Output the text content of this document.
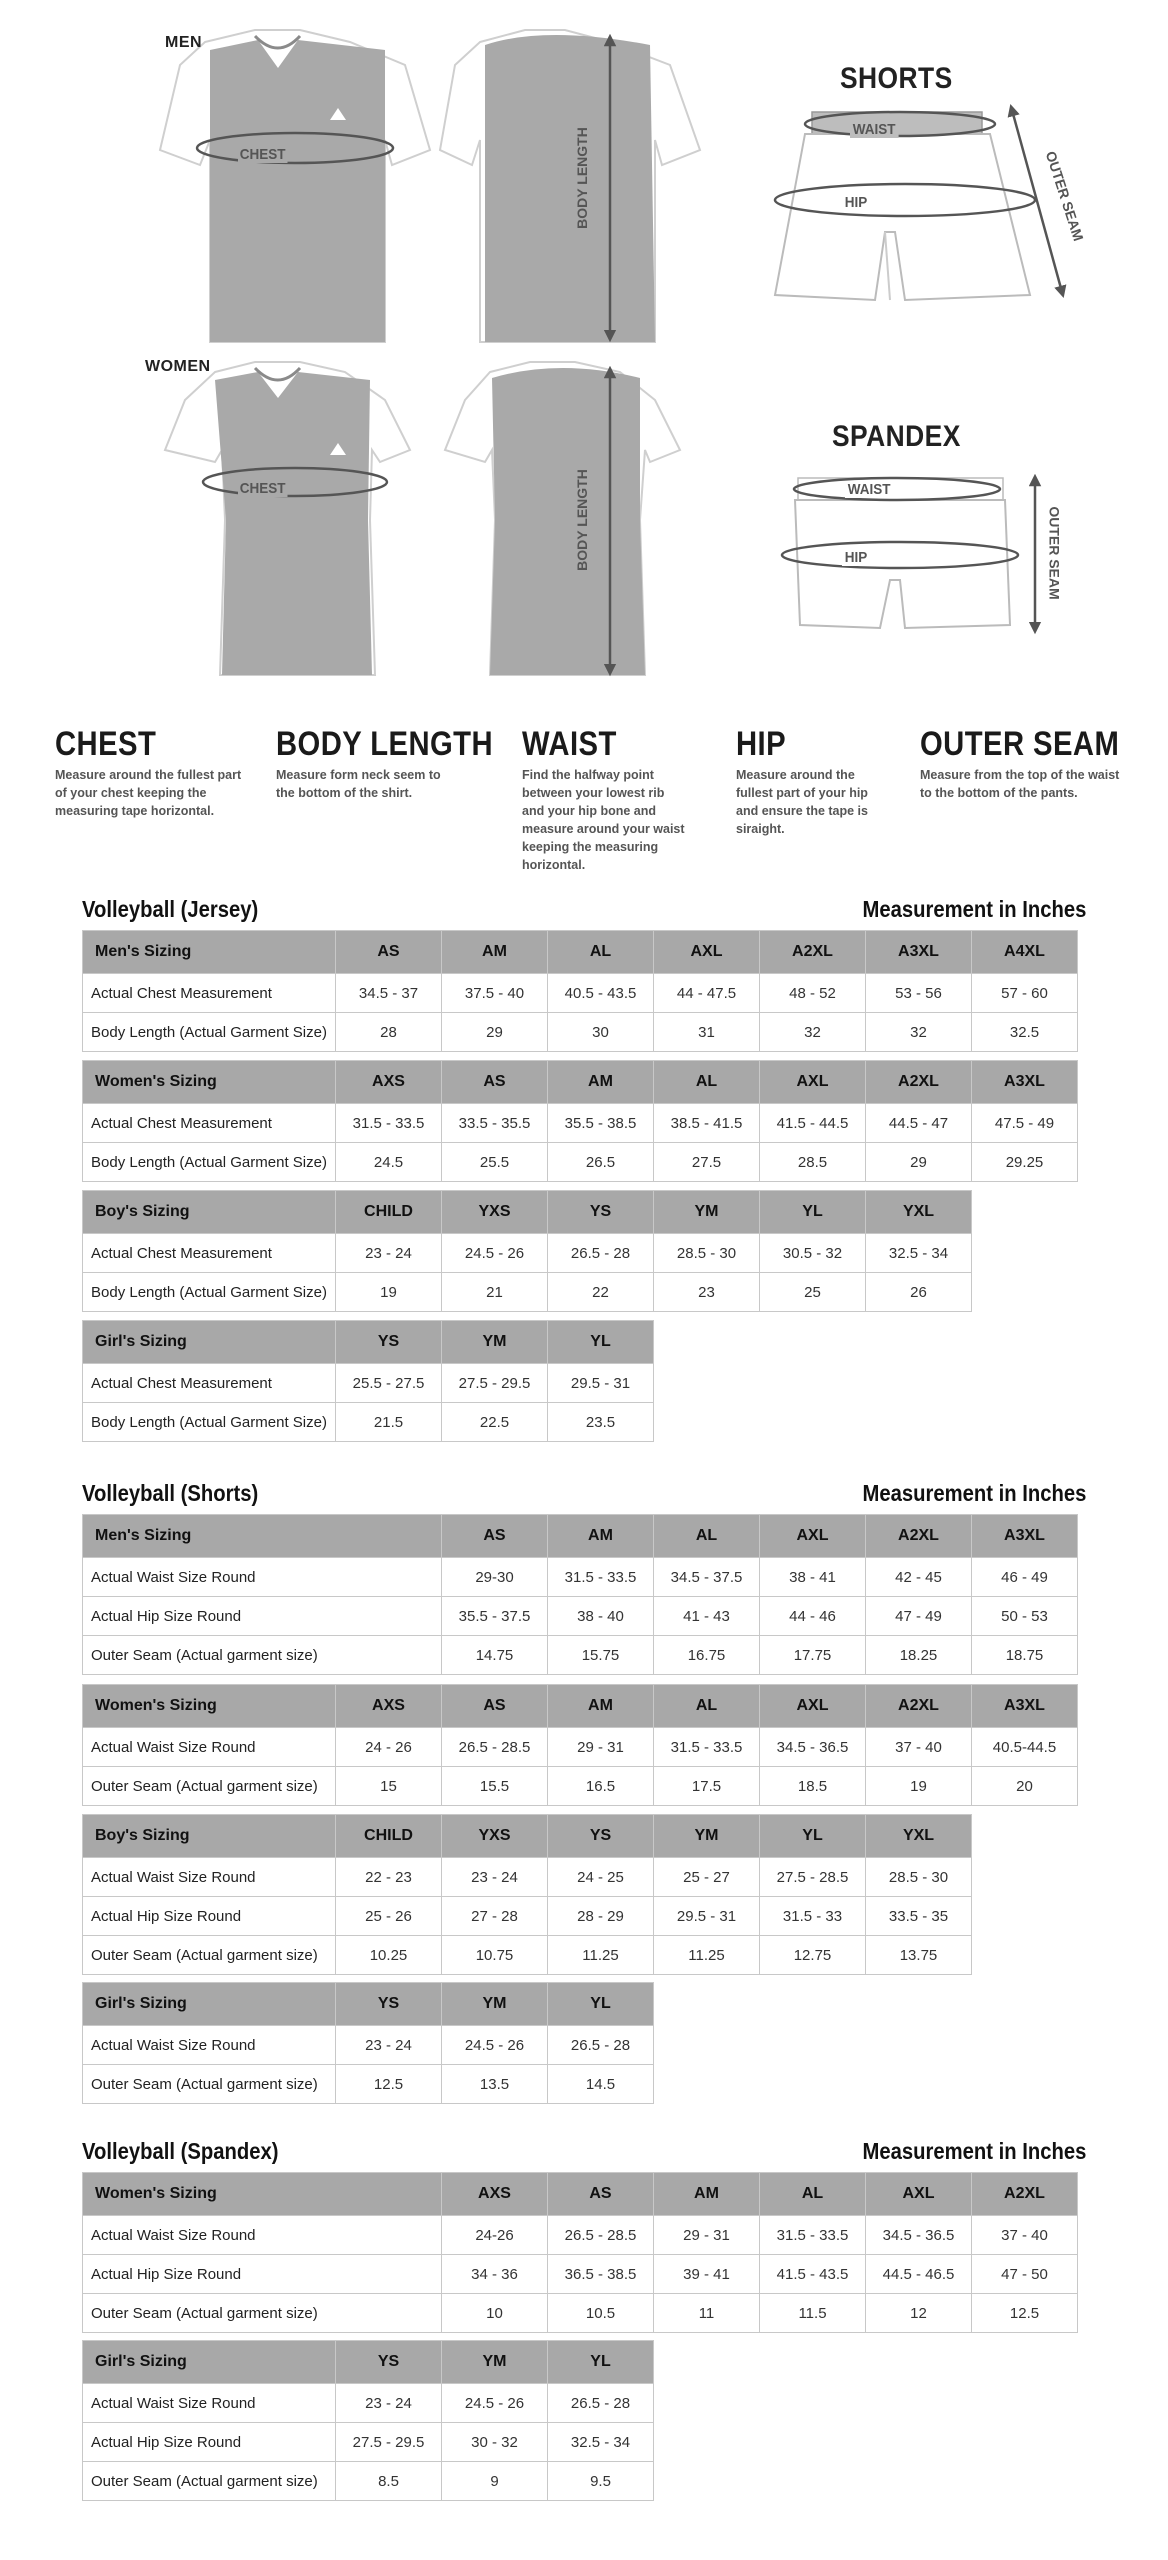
MEN
WOMEN
SHORTS
SPANDEX
CHEST
CHEST
BODY LENGTH
BODY LENGTH
WAIST
HIP	OUTER SEAM
WAIST
HIP	OUTER SEAM
CHEST

Measure around the fullest part of your chest keeping the measuring tape horizontal.

BODY LENGTH

Measure form neck seem to the bottom of the shirt.

WAIST

Find the halfway point between your lowest rib and your hip bone and measure around your waist keeping the measuring horizontal.

HIP

Measure around the fullest part of your hip and ensure the tape is siraight.

OUTER SEAM

Measure from the top of the waist to the bottom of the pants.

Volleyball (Jersey)	Measurement in Inches
Men's Sizing	AS	AM	AL	AXL	A2XL	A3XL	A4XL
Actual Chest Measurement	34.5 - 37	37.5 - 40	40.5 - 43.5	44 - 47.5	48 - 52	53 - 56	57 - 60
Body Length (Actual Garment Size)	28	29	30	31	32	32	32.5
Women's Sizing	AXS	AS	AM	AL	AXL	A2XL	A3XL
Actual Chest Measurement	31.5 - 33.5	33.5 - 35.5	35.5 - 38.5	38.5 - 41.5	41.5 - 44.5	44.5 - 47	47.5 - 49
Body Length (Actual Garment Size)	24.5	25.5	26.5	27.5	28.5	29	29.25
Boy's Sizing	CHILD	YXS	YS	YM	YL	YXL
Actual Chest Measurement	23 - 24	24.5 - 26	26.5 - 28	28.5 - 30	30.5 - 32	32.5 - 34
Body Length (Actual Garment Size)	19	21	22	23	25	26
Girl's Sizing	YS	YM	YL
Actual Chest Measurement	25.5 - 27.5	27.5 - 29.5	29.5 - 31
Body Length (Actual Garment Size)	21.5	22.5	23.5
Volleyball (Shorts)	Measurement in Inches
Men's Sizing	AS	AM	AL	AXL	A2XL	A3XL
Actual Waist Size Round	29-30	31.5 - 33.5	34.5 - 37.5	38 - 41	42 - 45	46 - 49
Actual Hip Size Round	35.5 - 37.5	38 - 40	41 - 43	44 - 46	47 - 49	50 - 53
Outer Seam (Actual garment size)	14.75	15.75	16.75	17.75	18.25	18.75
Women's Sizing	AXS	AS	AM	AL	AXL	A2XL	A3XL
Actual Waist Size Round	24 - 26	26.5 - 28.5	29 - 31	31.5 - 33.5	34.5 - 36.5	37 - 40	40.5-44.5
Outer Seam (Actual garment size)	15	15.5	16.5	17.5	18.5	19	20
Boy's Sizing	CHILD	YXS	YS	YM	YL	YXL
Actual Waist Size Round	22 - 23	23 - 24	24 - 25	25 - 27	27.5 - 28.5	28.5 - 30
Actual Hip Size Round	25 - 26	27 - 28	28 - 29	29.5 - 31	31.5 - 33	33.5 - 35
Outer Seam (Actual garment size)	10.25	10.75	11.25	11.25	12.75	13.75
Girl's Sizing	YS	YM	YL
Actual Waist Size Round	23 - 24	24.5 - 26	26.5 - 28
Outer Seam (Actual garment size)	12.5	13.5	14.5
Volleyball (Spandex)	Measurement in Inches
Women's Sizing	AXS	AS	AM	AL	AXL	A2XL
Actual Waist Size Round	24-26	26.5 - 28.5	29 - 31	31.5 - 33.5	34.5 - 36.5	37 - 40
Actual Hip Size Round	34 - 36	36.5 - 38.5	39 - 41	41.5 - 43.5	44.5 - 46.5	47 - 50
Outer Seam (Actual garment size)	10	10.5	11	11.5	12	12.5
Girl's Sizing	YS	YM	YL
Actual Waist Size Round	23 - 24	24.5 - 26	26.5 - 28
Actual Hip Size Round	27.5 - 29.5	30 - 32	32.5 - 34
Outer Seam (Actual garment size)	8.5	9	9.5
